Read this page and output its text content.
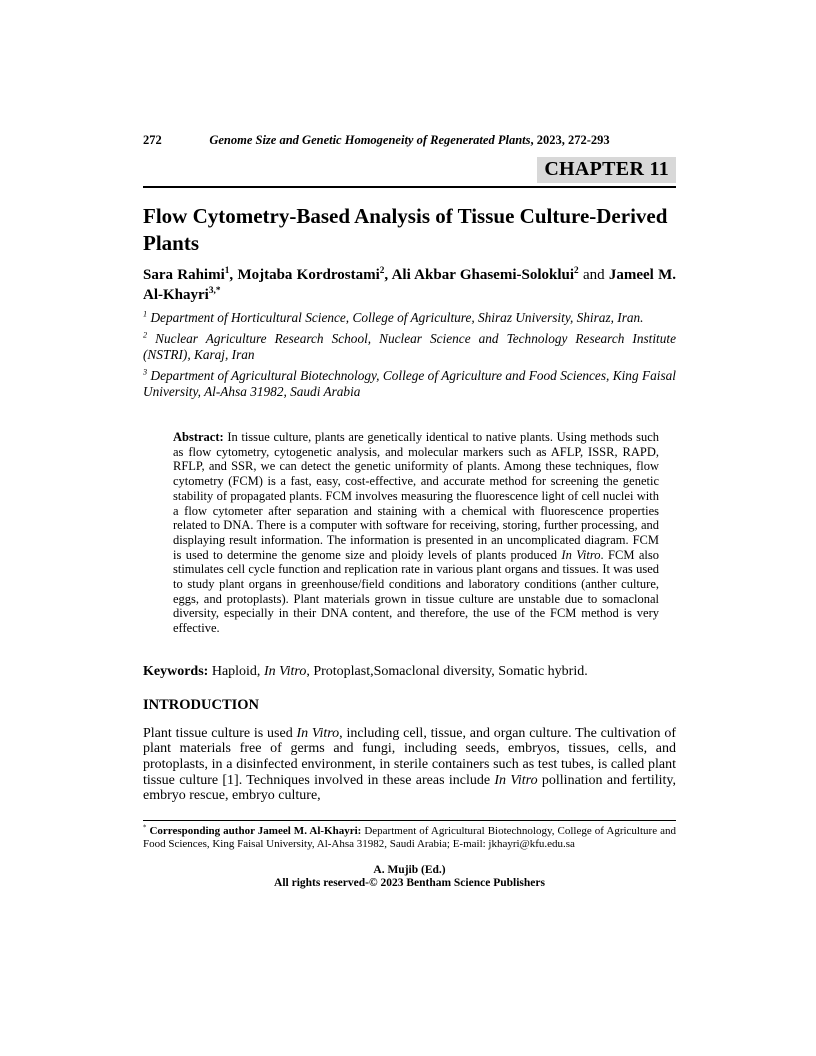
272	Genome Size and Genetic Homogeneity of Regenerated Plants, 2023, 272-293
CHAPTER 11
Flow Cytometry-Based Analysis of Tissue Culture-Derived Plants

Sara Rahimi$^1$, Mojtaba Kordrostami$^2$, Ali Akbar Ghasemi-Soloklui$^2$ and Jameel M. Al-Khayri$^{3,*}$

$^1$ Department of Horticultural Science, College of Agriculture, Shiraz University, Shiraz, Iran.

$^2$ Nuclear Agriculture Research School, Nuclear Science and Technology Research Institute (NSTRI), Karaj, Iran

$^3$ Department of Agricultural Biotechnology, College of Agriculture and Food Sciences, King Faisal University, Al-Ahsa 31982, Saudi Arabia

Abstract: In tissue culture, plants are genetically identical to native plants. Using methods such as flow cytometry, cytogenetic analysis, and molecular markers such as AFLP, ISSR, RAPD, RFLP, and SSR, we can detect the genetic uniformity of plants. Among these techniques, flow cytometry (FCM) is a fast, easy, cost-effective, and accurate method for screening the genetic stability of propagated plants. FCM involves measuring the fluorescence light of cell nuclei with a flow cytometer after separation and staining with a chemical with fluorescence properties related to DNA. There is a computer with software for receiving, storing, further processing, and displaying result information. The information is presented in an uncomplicated diagram. FCM is used to determine the genome size and ploidy levels of plants produced In Vitro. FCM also stimulates cell cycle function and replication rate in various plant organs and tissues. It was used to study plant organs in greenhouse/field conditions and laboratory conditions (anther culture, eggs, and protoplasts). Plant materials grown in tissue culture are unstable due to somaclonal diversity, especially in their DNA content, and therefore, the use of the FCM method is very effective.

Keywords: Haploid, In Vitro, Protoplast,Somaclonal diversity, Somatic hybrid.

INTRODUCTION

Plant tissue culture is used In Vitro, including cell, tissue, and organ culture. The cultivation of plant materials free of germs and fungi, including seeds, embryos, tissues, cells, and protoplasts, in a disinfected environment, in sterile containers such as test tubes, is called plant tissue culture [1]. Techniques involved in these areas include In Vitro pollination and fertility, embryo rescue, embryo culture,

* Corresponding author Jameel M. Al-Khayri: Department of Agricultural Biotechnology, College of Agriculture and Food Sciences, King Faisal University, Al-Ahsa 31982, Saudi Arabia; E-mail: jkhayri@kfu.edu.sa

A. Mujib (Ed.)
All rights reserved-© 2023 Bentham Science Publishers
